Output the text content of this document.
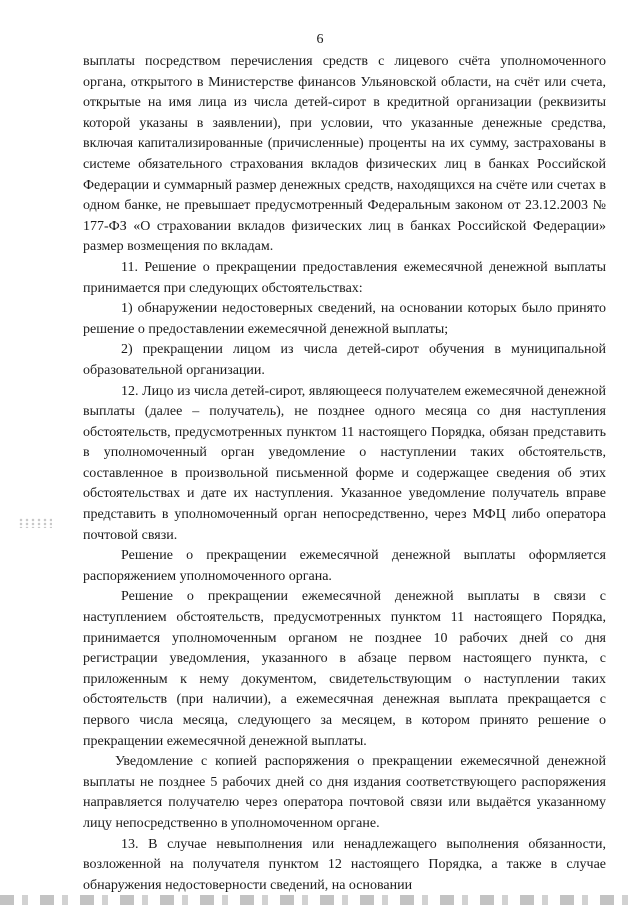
6

выплаты посредством перечисления средств с лицевого счёта уполномоченного органа, открытого в Министерстве финансов Ульяновской области, на счёт или счета, открытые на имя лица из числа детей-сирот в кредитной организации (реквизиты которой указаны в заявлении), при условии, что указанные денежные средства, включая капитализированные (причисленные) проценты на их сумму, застрахованы в системе обязательного страхования вкладов физических лиц в банках Российской Федерации и суммарный размер денежных средств, находящихся на счёте или счетах в одном банке, не превышает предусмотренный Федеральным законом от 23.12.2003 № 177-ФЗ «О страховании вкладов физических лиц в банках Российской Федерации» размер возмещения по вкладам.

11. Решение о прекращении предоставления ежемесячной денежной выплаты принимается при следующих обстоятельствах:

1) обнаружении недостоверных сведений, на основании которых было принято решение о предоставлении ежемесячной денежной выплаты;

2) прекращении лицом из числа детей-сирот обучения в муниципальной образовательной организации.

12. Лицо из числа детей-сирот, являющееся получателем ежемесячной денежной выплаты (далее – получатель), не позднее одного месяца со дня наступления обстоятельств, предусмотренных пунктом 11 настоящего Порядка, обязан представить в уполномоченный орган уведомление о наступлении таких обстоятельств, составленное в произвольной письменной форме и содержащее сведения об этих обстоятельствах и дате их наступления. Указанное уведомление получатель вправе представить в уполномоченный орган непосредственно, через МФЦ либо оператора почтовой связи.

Решение о прекращении ежемесячной денежной выплаты оформляется распоряжением уполномоченного органа.

Решение о прекращении ежемесячной денежной выплаты в связи с наступлением обстоятельств, предусмотренных пунктом 11 настоящего Порядка, принимается уполномоченным органом не позднее 10 рабочих дней со дня регистрации уведомления, указанного в абзаце первом настоящего пункта, с приложенным к нему документом, свидетельствующим о наступлении таких обстоятельств (при наличии), а ежемесячная денежная выплата прекращается с первого числа месяца, следующего за месяцем, в котором принято решение о прекращении ежемесячной денежной выплаты.

Уведомление с копией распоряжения о прекращении ежемесячной денежной выплаты не позднее 5 рабочих дней со дня издания соответствующего распоряжения направляется получателю через оператора почтовой связи или выдаётся указанному лицу непосредственно в уполномоченном органе.

13. В случае невыполнения или ненадлежащего выполнения обязанности, возложенной на получателя пунктом 12 настоящего Порядка, а также в случае обнаружения недостоверности сведений, на основании
